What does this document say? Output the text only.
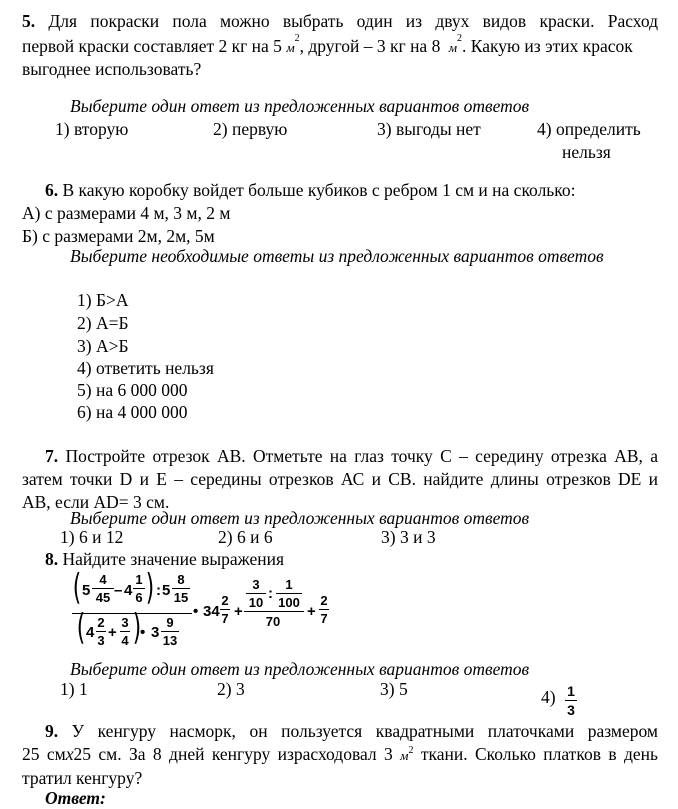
5. Для покраски пола можно выбрать один из двух видов краски. Расход
первой краски составляет 2 кг на 5 $м^2$, другой – 3 кг на 8 $м^2$. Какую из этих красок
выгоднее использовать?
Выберите один ответ из предложенных вариантов ответов
1) вторую	2) первую	3) выгоды нет	4) определить
нельзя
6. В какую коробку войдет больше кубиков с ребром 1 см и на сколько:
А) с размерами 4 м, 3 м, 2 м
Б) с размерами 2м, 2м, 5м
Выберите необходимые ответы из предложенных вариантов ответов
1) Б>А
2) А=Б
3) А>Б
4) ответить нельзя
5) на 6 000 000
6) на 4 000 000
7. Постройте отрезок АВ. Отметьте на глаз точку С – середину отрезка АВ, а
затем точки D и Е – середины отрезков АС и СВ. найдите длины отрезков DE и
АВ, если AD= 3 см.
Выберите один ответ из предложенных вариантов ответов
1) 6 и 12	2) 6 и 6	3) 3 и 3
8. Найдите значение выражения
( 5
4
45 – 4
1
6 ) : 5
8
15
( 4
2
3 +
3
4 )
• 3
9
13
• 34
2
7 +
3
10
:
1
100
70
+
2
7
Выберите один ответ из предложенных вариантов ответов
1) 1	2) 3	3) 5	4) 1
3
9. У кенгуру насморк, он пользуется квадратными платочками размером
25 смх25 см. За 8 дней кенгуру израсходовал 3 $м^2$ ткани. Сколько платков в день
тратил кенгуру?
Ответ:
